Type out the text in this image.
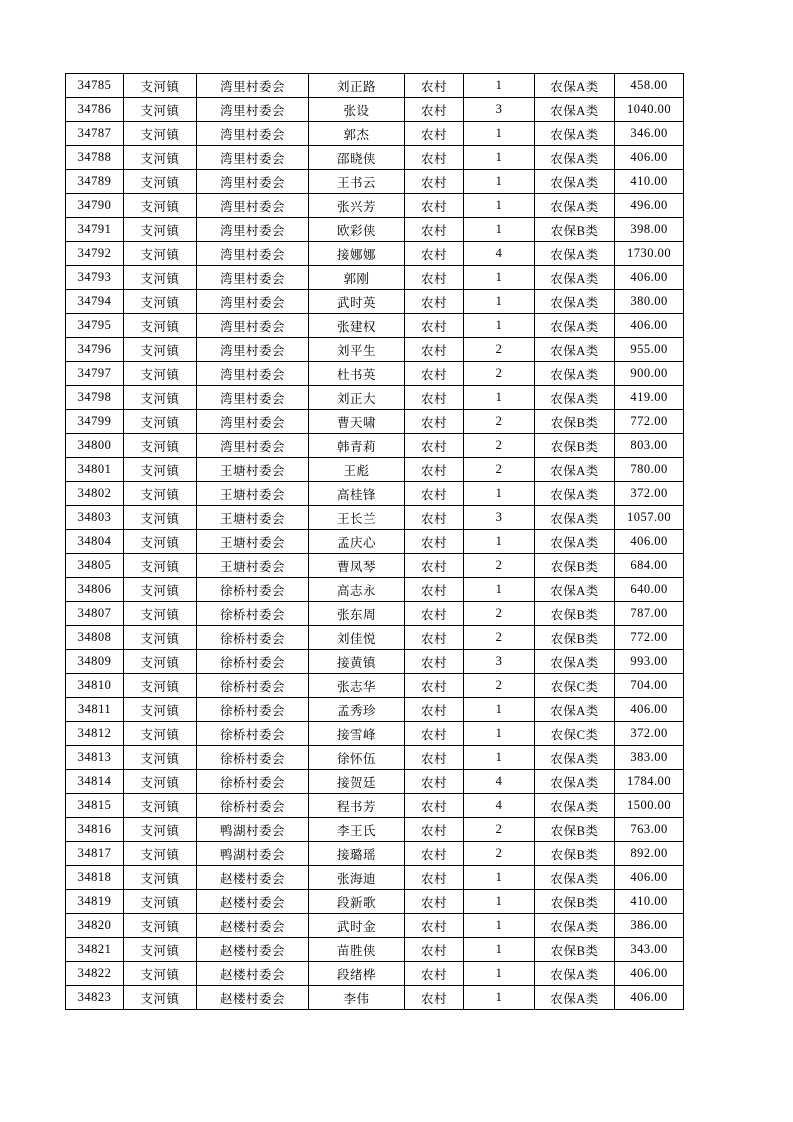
34785	支河镇	湾里村委会	刘正路	农村	1	农保A类	458.00
34786	支河镇	湾里村委会	张设	农村	3	农保A类	1040.00
34787	支河镇	湾里村委会	郭杰	农村	1	农保A类	346.00
34788	支河镇	湾里村委会	邵晓侠	农村	1	农保A类	406.00
34789	支河镇	湾里村委会	王书云	农村	1	农保A类	410.00
34790	支河镇	湾里村委会	张兴芳	农村	1	农保A类	496.00
34791	支河镇	湾里村委会	欧彩侠	农村	1	农保B类	398.00
34792	支河镇	湾里村委会	接娜娜	农村	4	农保A类	1730.00
34793	支河镇	湾里村委会	郭刚	农村	1	农保A类	406.00
34794	支河镇	湾里村委会	武时英	农村	1	农保A类	380.00
34795	支河镇	湾里村委会	张建权	农村	1	农保A类	406.00
34796	支河镇	湾里村委会	刘平生	农村	2	农保A类	955.00
34797	支河镇	湾里村委会	杜书英	农村	2	农保A类	900.00
34798	支河镇	湾里村委会	刘正大	农村	1	农保A类	419.00
34799	支河镇	湾里村委会	曹天啸	农村	2	农保B类	772.00
34800	支河镇	湾里村委会	韩青莉	农村	2	农保B类	803.00
34801	支河镇	王塘村委会	王彪	农村	2	农保A类	780.00
34802	支河镇	王塘村委会	高桂锋	农村	1	农保A类	372.00
34803	支河镇	王塘村委会	王长兰	农村	3	农保A类	1057.00
34804	支河镇	王塘村委会	孟庆心	农村	1	农保A类	406.00
34805	支河镇	王塘村委会	曹凤琴	农村	2	农保B类	684.00
34806	支河镇	徐桥村委会	高志永	农村	1	农保A类	640.00
34807	支河镇	徐桥村委会	张东周	农村	2	农保B类	787.00
34808	支河镇	徐桥村委会	刘佳悦	农村	2	农保B类	772.00
34809	支河镇	徐桥村委会	接黄镇	农村	3	农保A类	993.00
34810	支河镇	徐桥村委会	张志华	农村	2	农保C类	704.00
34811	支河镇	徐桥村委会	孟秀珍	农村	1	农保A类	406.00
34812	支河镇	徐桥村委会	接雪峰	农村	1	农保C类	372.00
34813	支河镇	徐桥村委会	徐怀伍	农村	1	农保A类	383.00
34814	支河镇	徐桥村委会	接贺廷	农村	4	农保A类	1784.00
34815	支河镇	徐桥村委会	程书芳	农村	4	农保A类	1500.00
34816	支河镇	鸭湖村委会	李王氏	农村	2	农保B类	763.00
34817	支河镇	鸭湖村委会	接璐瑶	农村	2	农保B类	892.00
34818	支河镇	赵楼村委会	张海迪	农村	1	农保A类	406.00
34819	支河镇	赵楼村委会	段新歌	农村	1	农保B类	410.00
34820	支河镇	赵楼村委会	武时金	农村	1	农保A类	386.00
34821	支河镇	赵楼村委会	苗胜侠	农村	1	农保B类	343.00
34822	支河镇	赵楼村委会	段绪桦	农村	1	农保A类	406.00
34823	支河镇	赵楼村委会	李伟	农村	1	农保A类	406.00
